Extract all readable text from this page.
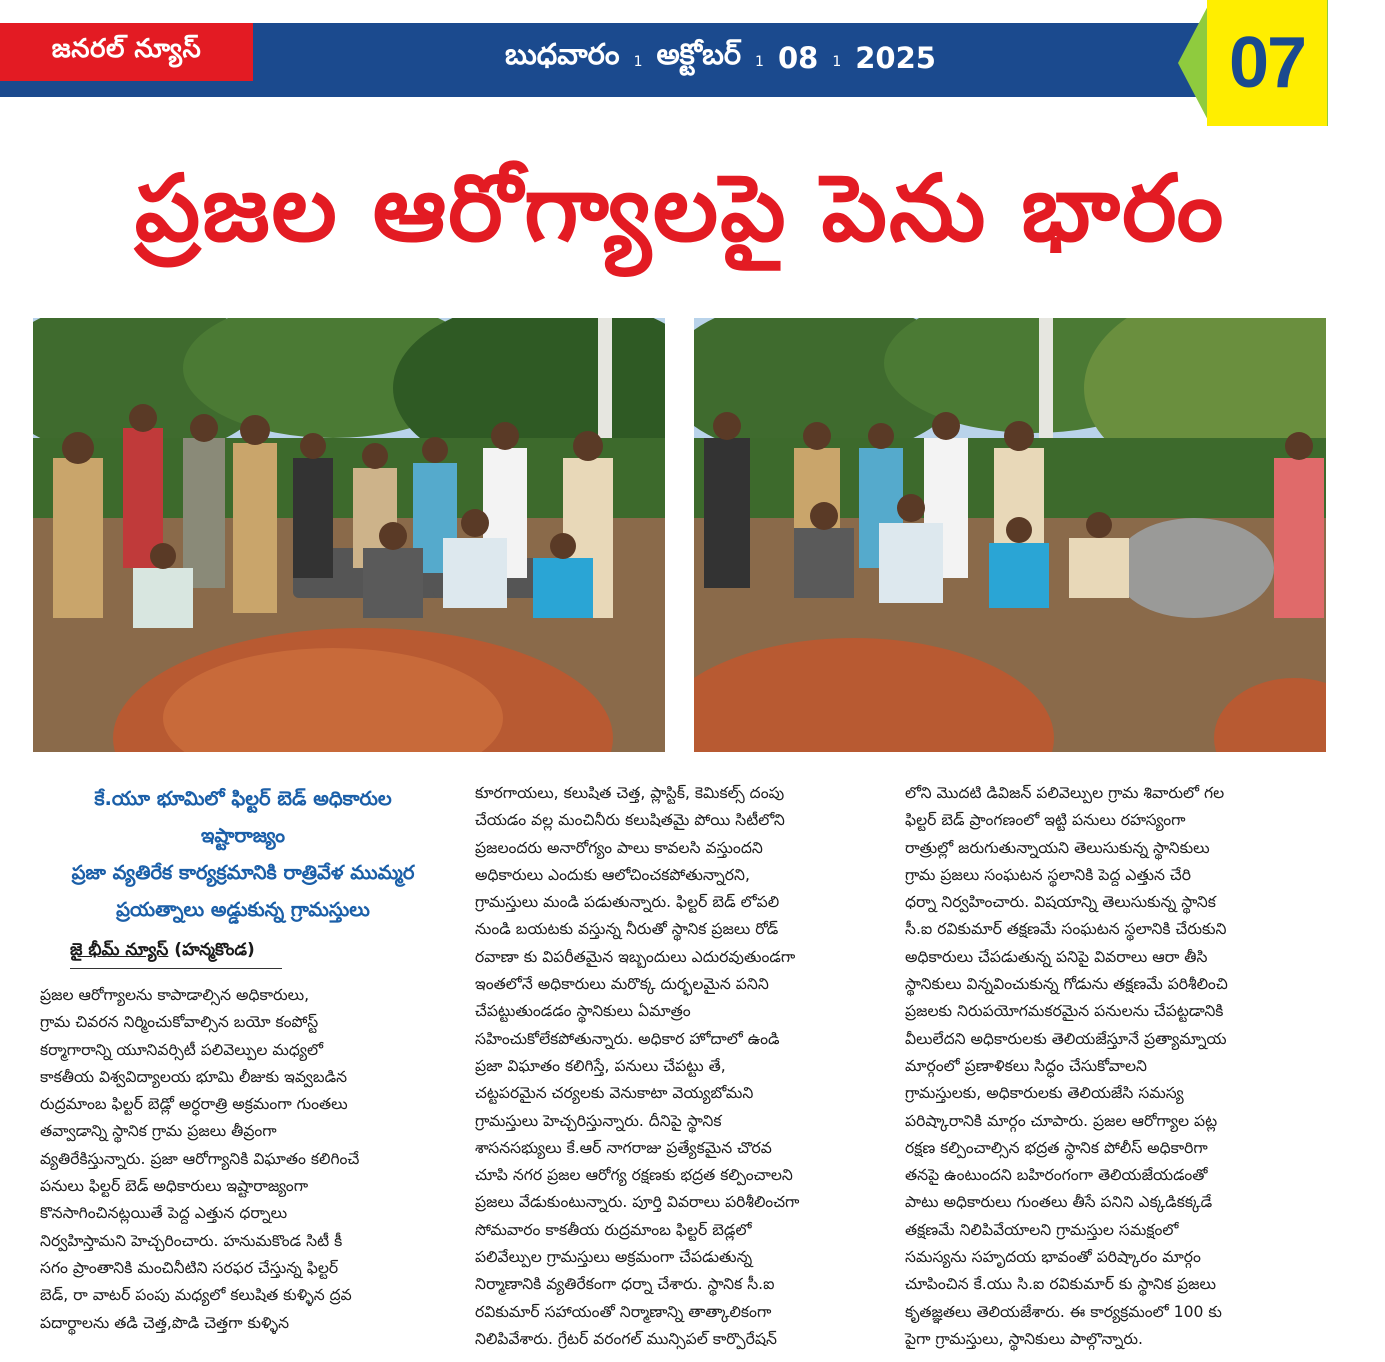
జనరల్ న్యూస్	బుధవారం 1 అక్టోబర్ 1 08 1 2025	07
ప్రజల ఆరోగ్యాలపై పెను భారం
కే.యూ భూమిలో ఫిల్టర్ బెడ్ అధికారుల
ఇష్టారాజ్యం
ప్రజా వ్యతిరేక కార్యక్రమానికి రాత్రివేళ ముమ్మర
ప్రయత్నాలు అడ్డుకున్న గ్రామస్తులు
జై భీమ్ న్యూస్ (హన్మకొండ)
ప్రజల ఆరోగ్యాలను కాపాడాల్సిన అధికారులు,
గ్రామ చివరన నిర్మించుకోవాల్సిన బయో కంపోస్ట్
కర్మాగారాన్ని యూనివర్సిటీ పలివెల్పుల మధ్యలో
కాకతీయ విశ్వవిద్యాలయ భూమి లీజుకు ఇవ్వబడిన
రుద్రమాంబ ఫిల్టర్ బెడ్లో అర్ధరాత్రి అక్రమంగా గుంతలు
తవ్వాడాన్ని స్థానిక గ్రామ ప్రజలు తీవ్రంగా
వ్యతిరేకిస్తున్నారు. ప్రజా ఆరోగ్యానికి విఘాతం కలిగించే
పనులు ఫిల్టర్ బెడ్ అధికారులు ఇష్టారాజ్యంగా
కొనసాగించినట్లయితే పెద్ద ఎత్తున ధర్నాలు
నిర్వహిస్తామని హెచ్చరించారు. హనుమకొండ సిటీ కీ
సగం ప్రాంతానికి మంచినీటిని సరఫర చేస్తున్న ఫిల్టర్
బెడ్, రా వాటర్ పంపు మధ్యలో కలుషిత కుళ్ళిన ద్రవ
పదార్థాలను తడి చెత్త,పొడి చెత్తగా కుళ్ళిన
కూరగాయలు, కలుషిత చెత్త, ప్లాస్టిక్, కెమికల్స్ దంపు
చేయడం వల్ల మంచినీరు కలుషితమై పోయి సిటీలోని
ప్రజలందరు అనారోగ్యం పాలు కావలసి వస్తుందని
అధికారులు ఎందుకు ఆలోచించకపోతున్నారని,
గ్రామస్తులు మండి పడుతున్నారు. ఫిల్టర్ బెడ్ లోపలి
నుండి బయటకు వస్తున్న నీరుతో స్థానిక ప్రజలు రోడ్
రవాణా కు విపరీతమైన ఇబ్బందులు ఎదురవుతుండగా
ఇంతలోనే అధికారులు మరొక్క దుర్భలమైన పనిని
చేపట్టుతుండడం స్థానికులు ఏమాత్రం
సహించుకోలేకపోతున్నారు. అధికార హోదాలో ఉండి
ప్రజా విఘాతం కలిగిస్తే, పనులు చేపట్టు తే,
చట్టపరమైన చర్యలకు వెనుకాటా వెయ్యబోమని
గ్రామస్తులు హెచ్చరిస్తున్నారు. దీనిపై స్థానిక
శాసనసభ్యులు కే.ఆర్ నాగరాజు ప్రత్యేకమైన చొరవ
చూపి నగర ప్రజల ఆరోగ్య రక్షణకు భద్రత కల్పించాలని
ప్రజలు వేడుకుంటున్నారు. పూర్తి వివరాలు పరిశీలించగా
సోమవారం కాకతీయ రుద్రమాంబ ఫిల్టర్ బెడ్లలో
పలివేల్పుల గ్రామస్తులు అక్రమంగా చేపడుతున్న
నిర్మాణానికి వ్యతిరేకంగా ధర్నా చేశారు. స్థానిక సీ.ఐ
రవికుమార్ సహాయంతో నిర్మాణాన్ని తాత్కాలికంగా
నిలిపివేశారు. గ్రేటర్ వరంగల్ మున్సిపల్ కార్పొరేషన్
లోని మొదటి డివిజన్ పలివెల్పుల గ్రామ శివారులో గల
ఫిల్టర్ బెడ్ ప్రాంగణంలో ఇట్టి పనులు రహస్యంగా
రాత్రుల్లో జరుగుతున్నాయని తెలుసుకున్న స్థానికులు
గ్రామ ప్రజలు సంఘటన స్థలానికి పెద్ద ఎత్తున చేరి
ధర్నా నిర్వహించారు. విషయాన్ని తెలుసుకున్న స్థానిక
సీ.ఐ రవికుమార్ తక్షణమే సంఘటన స్థలానికి చేరుకుని
అధికారులు చేపడుతున్న పనిపై వివరాలు ఆరా తీసి
స్థానికులు విన్నవించుకున్న గోడును తక్షణమే పరిశీలించి
ప్రజలకు నిరుపయోగమకరమైన పనులను చేపట్టడానికి
వీలులేదని అధికారులకు తెలియజేస్తూనే ప్రత్యామ్నాయ
మార్గంలో ప్రణాళికలు సిద్ధం చేసుకోవాలని
గ్రామస్తులకు, అధికారులకు తెలియజేసి సమస్య
పరిష్కారానికి మార్గం చూపారు. ప్రజల ఆరోగ్యాల పట్ల
రక్షణ కల్పించాల్సిన భద్రత స్థానిక పోలీస్ అధికారిగా
తనపై ఉంటుందని బహిరంగంగా తెలియజేయడంతో
పాటు అధికారులు గుంతలు తీసే పనిని ఎక్కడికక్కడే
తక్షణమే నిలిపివేయాలని గ్రామస్తుల సమక్షంలో
సమస్యను సహృదయ భావంతో పరిష్కారం మార్గం
చూపించిన కే.యు సి.ఐ రవికుమార్ కు స్థానిక ప్రజలు
కృతజ్ఞతలు తెలియజేశారు. ఈ కార్యక్రమంలో 100 కు
పైగా గ్రామస్తులు, స్థానికులు పాల్గొన్నారు.
